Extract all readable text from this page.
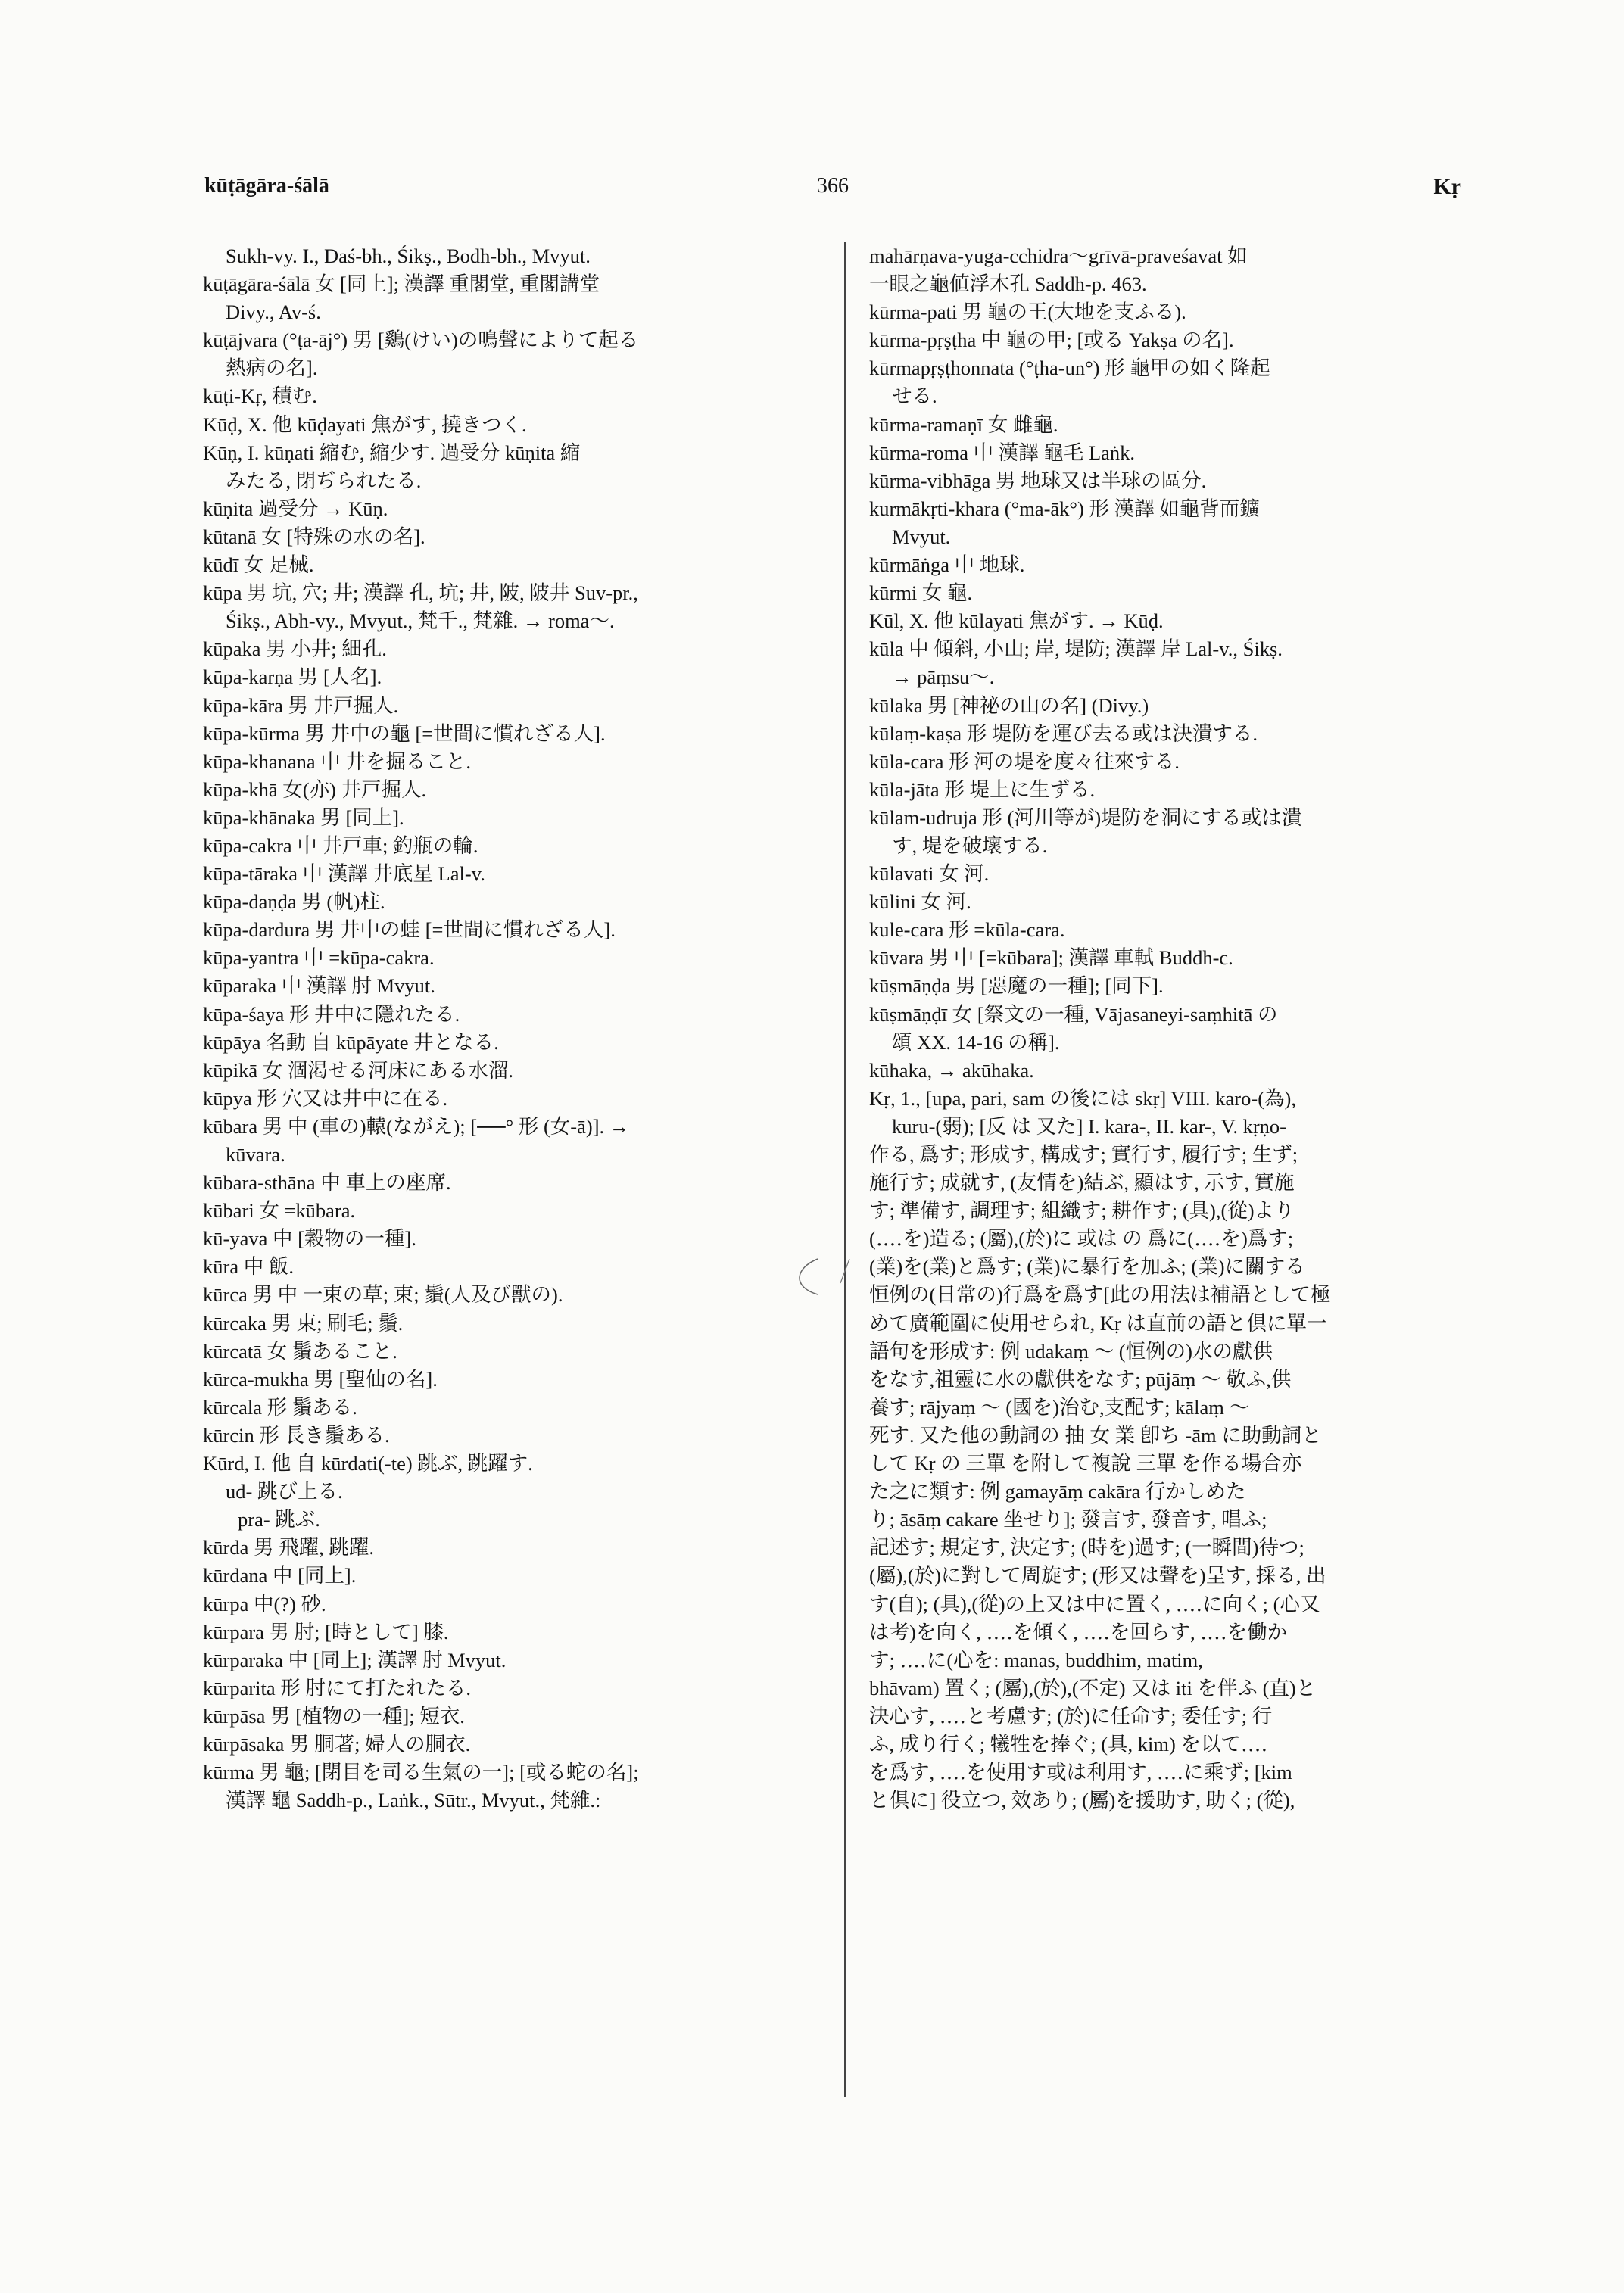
kūṭāgāra-śālā	366	Kṛ
Sukh-vy. I., Daś-bh., Śikṣ., Bodh-bh., Mvyut.
kūṭāgāra-śālā 女 [同上]; 漢譯 重閣堂, 重閣講堂
Divy., Av-ś.
kūṭājvara (°ṭa-āj°) 男 [鷄(けい)の鳴聲によりて起る
熱病の名].
kūṭi-Kṛ, 積む.
Kūḍ, X. 他 kūḍayati 焦がす, 撓きつく.
Kūṇ, I. kūṇati 縮む, 縮少す. 過受分 kūṇita 縮
みたる, 閉ぢられたる.
kūṇita 過受分 → Kūṇ.
kūtanā 女 [特殊の水の名].
kūdī 女 足械.
kūpa 男 坑, 穴; 井; 漢譯 孔, 坑; 井, 陂, 陂井 Suv-pr.,
Śikṣ., Abh-vy., Mvyut., 梵千., 梵雜. → roma〜.
kūpaka 男 小井; 細孔.
kūpa-karṇa 男 [人名].
kūpa-kāra 男 井戸掘人.
kūpa-kūrma 男 井中の龜 [=世間に慣れざる人].
kūpa-khanana 中 井を掘ること.
kūpa-khā 女(亦) 井戸掘人.
kūpa-khānaka 男 [同上].
kūpa-cakra 中 井戸車; 釣瓶の輪.
kūpa-tāraka 中 漢譯 井底星 Lal-v.
kūpa-daṇḍa 男 (帆)柱.
kūpa-dardura 男 井中の蛙 [=世間に慣れざる人].
kūpa-yantra 中 =kūpa-cakra.
kūparaka 中 漢譯 肘 Mvyut.
kūpa-śaya 形 井中に隱れたる.
kūpāya 名動 自 kūpāyate 井となる.
kūpikā 女 涸渇せる河床にある水溜.
kūpya 形 穴又は井中に在る.
kūbara 男 中 (車の)轅(ながえ); [──° 形 (女-ā)]. →
kūvara.
kūbara-sthāna 中 車上の座席.
kūbari 女 =kūbara.
kū-yava 中 [穀物の一種].
kūra 中 飯.
kūrca 男 中 一束の草; 束; 鬚(人及び獸の).
kūrcaka 男 束; 刷毛; 鬚.
kūrcatā 女 鬚あること.
kūrca-mukha 男 [聖仙の名].
kūrcala 形 鬚ある.
kūrcin 形 長き鬚ある.
Kūrd, I. 他 自 kūrdati(-te) 跳ぶ, 跳躍す.
ud- 跳び上る.
pra- 跳ぶ.
kūrda 男 飛躍, 跳躍.
kūrdana 中 [同上].
kūrpa 中(?) 砂.
kūrpara 男 肘; [時として] 膝.
kūrparaka 中 [同上]; 漢譯 肘 Mvyut.
kūrparita 形 肘にて打たれたる.
kūrpāsa 男 [植物の一種]; 短衣.
kūrpāsaka 男 胴著; 婦人の胴衣.
kūrma 男 龜; [閉目を司る生氣の一]; [或る蛇の名];
漢譯 龜 Saddh-p., Laṅk., Sūtr., Mvyut., 梵雜.:
mahārṇava-yuga-cchidra〜grīvā-praveśavat 如
一眼之龜値浮木孔 Saddh-p. 463.
kūrma-pati 男 龜の王(大地を支ふる).
kūrma-pṛṣṭha 中 龜の甲; [或る Yakṣa の名].
kūrmapṛṣṭhonnata (°ṭha-un°) 形 龜甲の如く隆起
せる.
kūrma-ramaṇī 女 雌龜.
kūrma-roma 中 漢譯 龜毛 Laṅk.
kūrma-vibhāga 男 地球又は半球の區分.
kurmākṛti-khara (°ma-āk°) 形 漢譯 如龜背而鑛
Mvyut.
kūrmāṅga 中 地球.
kūrmi 女 龜.
Kūl, X. 他 kūlayati 焦がす. → Kūḍ.
kūla 中 傾斜, 小山; 岸, 堤防; 漢譯 岸 Lal-v., Śikṣ.
→ pāṃsu〜.
kūlaka 男 [神祕の山の名] (Divy.)
kūlaṃ-kaṣa 形 堤防を運び去る或は決潰する.
kūla-cara 形 河の堤を度々往來する.
kūla-jāta 形 堤上に生ずる.
kūlam-udruja 形 (河川等が)堤防を洞にする或は潰
す, 堤を破壞する.
kūlavati 女 河.
kūlini 女 河.
kule-cara 形 =kūla-cara.
kūvara 男 中 [=kūbara]; 漢譯 車軾 Buddh-c.
kūṣmāṇḍa 男 [惡魔の一種]; [同下].
kūṣmāṇḍī 女 [祭文の一種, Vājasaneyi-saṃhitā の
頌 XX. 14-16 の稱].
kūhaka, → akūhaka.
Kṛ, 1., [upa, pari, sam の後には skṛ] VIII. karo-(為),
kuru-(弱); [反 は 又た] I. kara-, II. kar-, V. kṛṇo-
作る, 爲す; 形成す, 構成す; 實行す, 履行す; 生ず;
施行す; 成就す, (友情を)結ぶ, 顯はす, 示す, 實施
す; 準備す, 調理す; 組織す; 耕作す; (具),(從)より
(‥‥を)造る; (屬),(於)に 或は の 爲に(‥‥を)爲す;
(業)を(業)と爲す; (業)に暴行を加ふ; (業)に關する
恒例の(日常の)行爲を爲す[此の用法は補語として極
めて廣範圍に使用せられ, Kṛ は直前の語と倶に單一
語句を形成す: 例 udakaṃ 〜 (恒例の)水の獻供
をなす,祖靈に水の獻供をなす; pūjāṃ 〜 敬ふ,供
養す; rājyaṃ 〜 (國を)治む,支配す; kālaṃ 〜
死す. 又た他の動詞の 抽 女 業 卽ち -ām に助動詞と
して Kṛ の 三單 を附して複說 三單 を作る場合亦
た之に類す: 例 gamayāṃ cakāra 行かしめた
り; āsāṃ cakare 坐せり]; 發言す, 發音す, 唱ふ;
記述す; 規定す, 決定す; (時を)過す; (一瞬間)待つ;
(屬),(於)に對して周旋す; (形又は聲を)呈す, 採る, 出
す(自); (具),(從)の上又は中に置く, ‥‥に向く; (心又
は考)を向く, ‥‥を傾く, ‥‥を回らす, ‥‥を働か
す; ‥‥に(心を: manas, buddhim, matim,
bhāvam) 置く; (屬),(於),(不定) 又は iti を伴ふ (直)と
決心す, ‥‥と考慮す; (於)に任命す; 委任す; 行
ふ, 成り行く; 犧牲を捧ぐ; (具, kim) を以て‥‥
を爲す, ‥‥を使用す或は利用す, ‥‥に乘ず; [kim
と倶に] 役立つ, 效あり; (屬)を援助す, 助く; (從),
